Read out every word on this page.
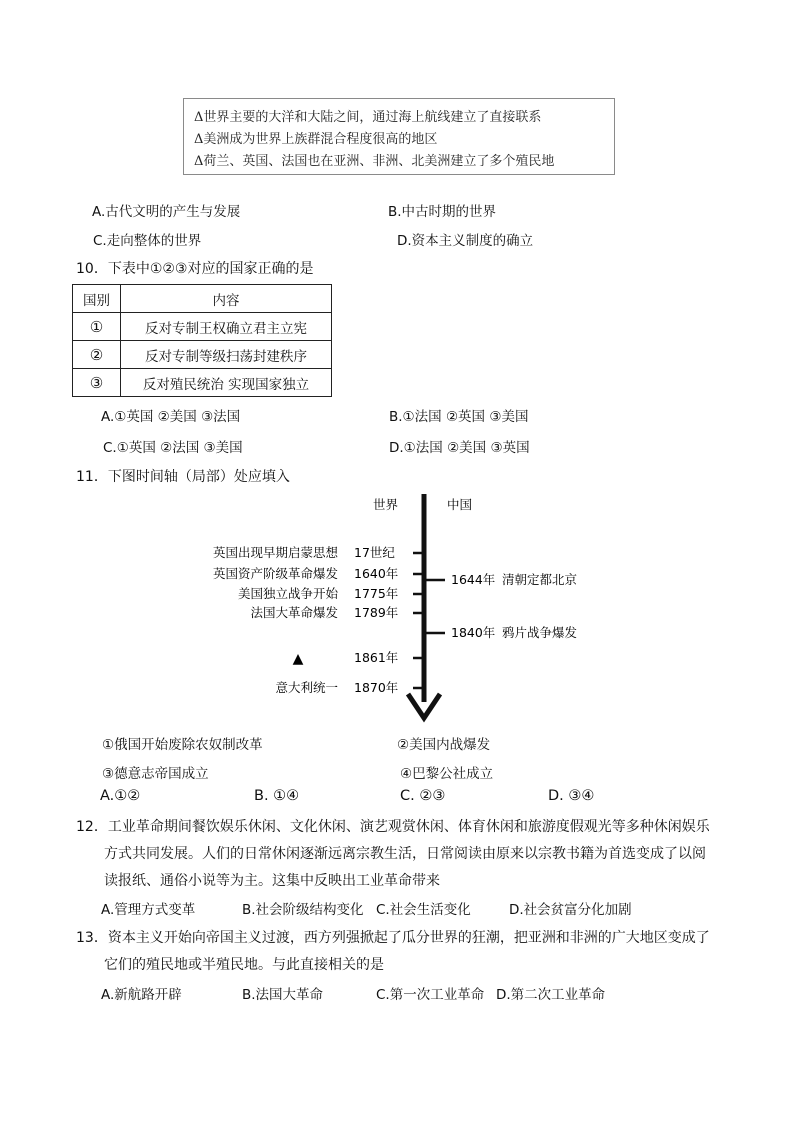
Δ世界主要的大洋和大陆之间，通过海上航线建立了直接联系
Δ美洲成为世界上族群混合程度很高的地区
Δ荷兰、英国、法国也在亚洲、非洲、北美洲建立了多个殖民地
A.古代文明的产生与发展	B.中古时期的世界
C.走向整体的世界	D.资本主义制度的确立
10．下表中①②③对应的国家正确的是
国别	内容
①	反对专制王权确立君主立宪
②	反对专制等级扫荡封建秩序
③	反对殖民统治 实现国家独立
A.①英国 ②美国 ③法国	B.①法国 ②英国 ③美国
C.①英国 ②法国 ③美国	D.①法国 ②美国 ③英国
11．下图时间轴（局部）处应填入
世界	中国
英国出现早期启蒙思想 17世纪
英国资产阶级革命爆发 1640年
美国独立战争开始 1775年
法国大革命爆发 1789年
▲	1861年
意大利统一 1870年
1644年 清朝定都北京
1840年 鸦片战争爆发
①俄国开始废除农奴制改革	②美国内战爆发
③德意志帝国成立	④巴黎公社成立
A.①②	B. ①④	C. ②③	D. ③④
12．工业革命期间餐饮娱乐休闲、文化休闲、演艺观赏休闲、体育休闲和旅游度假观光等多种休闲娱乐
方式共同发展。人们的日常休闲逐渐远离宗教生活，日常阅读由原来以宗教书籍为首选变成了以阅
读报纸、通俗小说等为主。这集中反映出工业革命带来
A.管理方式变革	B.社会阶级结构变化 C.社会生活变化	D.社会贫富分化加剧
13．资本主义开始向帝国主义过渡，西方列强掀起了瓜分世界的狂潮，把亚洲和非洲的广大地区变成了
它们的殖民地或半殖民地。与此直接相关的是
A.新航路开辟	B.法国大革命	C.第一次工业革命 D.第二次工业革命
